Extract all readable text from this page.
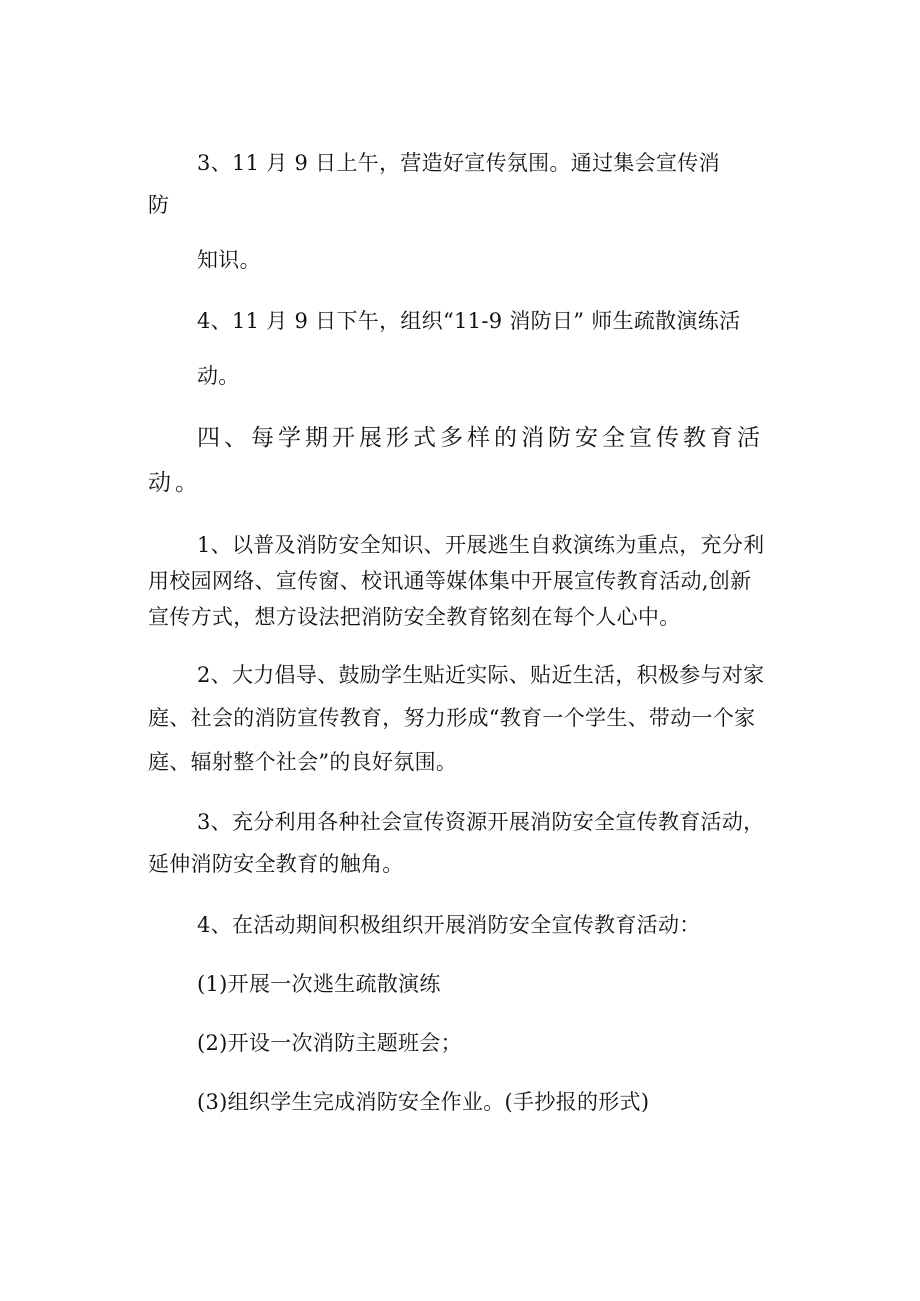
3、11 月 9 日上午，营造好宣传氛围。通过集会宣传消
防
知识。
4、11 月 9 日下午，组织“11-9 消防日” 师生疏散演练活
动。
四、每学期开展形式多样的消防安全宣传教育活
动。
1、以普及消防安全知识、开展逃生自救演练为重点，充分利
用校园网络、宣传窗、校讯通等媒体集中开展宣传教育活动,创新
宣传方式，想方设法把消防安全教育铭刻在每个人心中。
2、大力倡导、鼓励学生贴近实际、贴近生活，积极参与对家
庭、社会的消防宣传教育，努力形成“教育一个学生、带动一个家
庭、辐射整个社会”的良好氛围。
3、充分利用各种社会宣传资源开展消防安全宣传教育活动，
延伸消防安全教育的触角。
4、在活动期间积极组织开展消防安全宣传教育活动：
(1)开展一次逃生疏散演练
(2)开设一次消防主题班会；
(3)组织学生完成消防安全作业。(手抄报的形式)
